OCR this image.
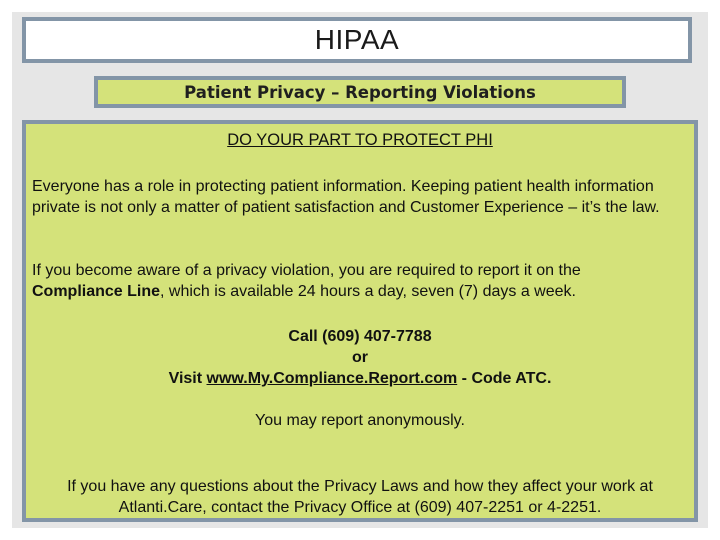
HIPAA
Patient Privacy – Reporting Violations
DO YOUR PART TO PROTECT PHI
Everyone has a role in protecting patient information. Keeping patient health information private is not only a matter of patient satisfaction and Customer Experience – it’s the law.
If you become aware of a privacy violation, you are required to report it on the Compliance Line, which is available 24 hours a day, seven (7) days a week.
Call (609) 407-7788
or
Visit www.My.Compliance.Report.com - Code ATC.
You may report anonymously.
If you have any questions about the Privacy Laws and how they affect your work at Atlanti.Care, contact the Privacy Office at (609) 407-2251 or 4-2251.
